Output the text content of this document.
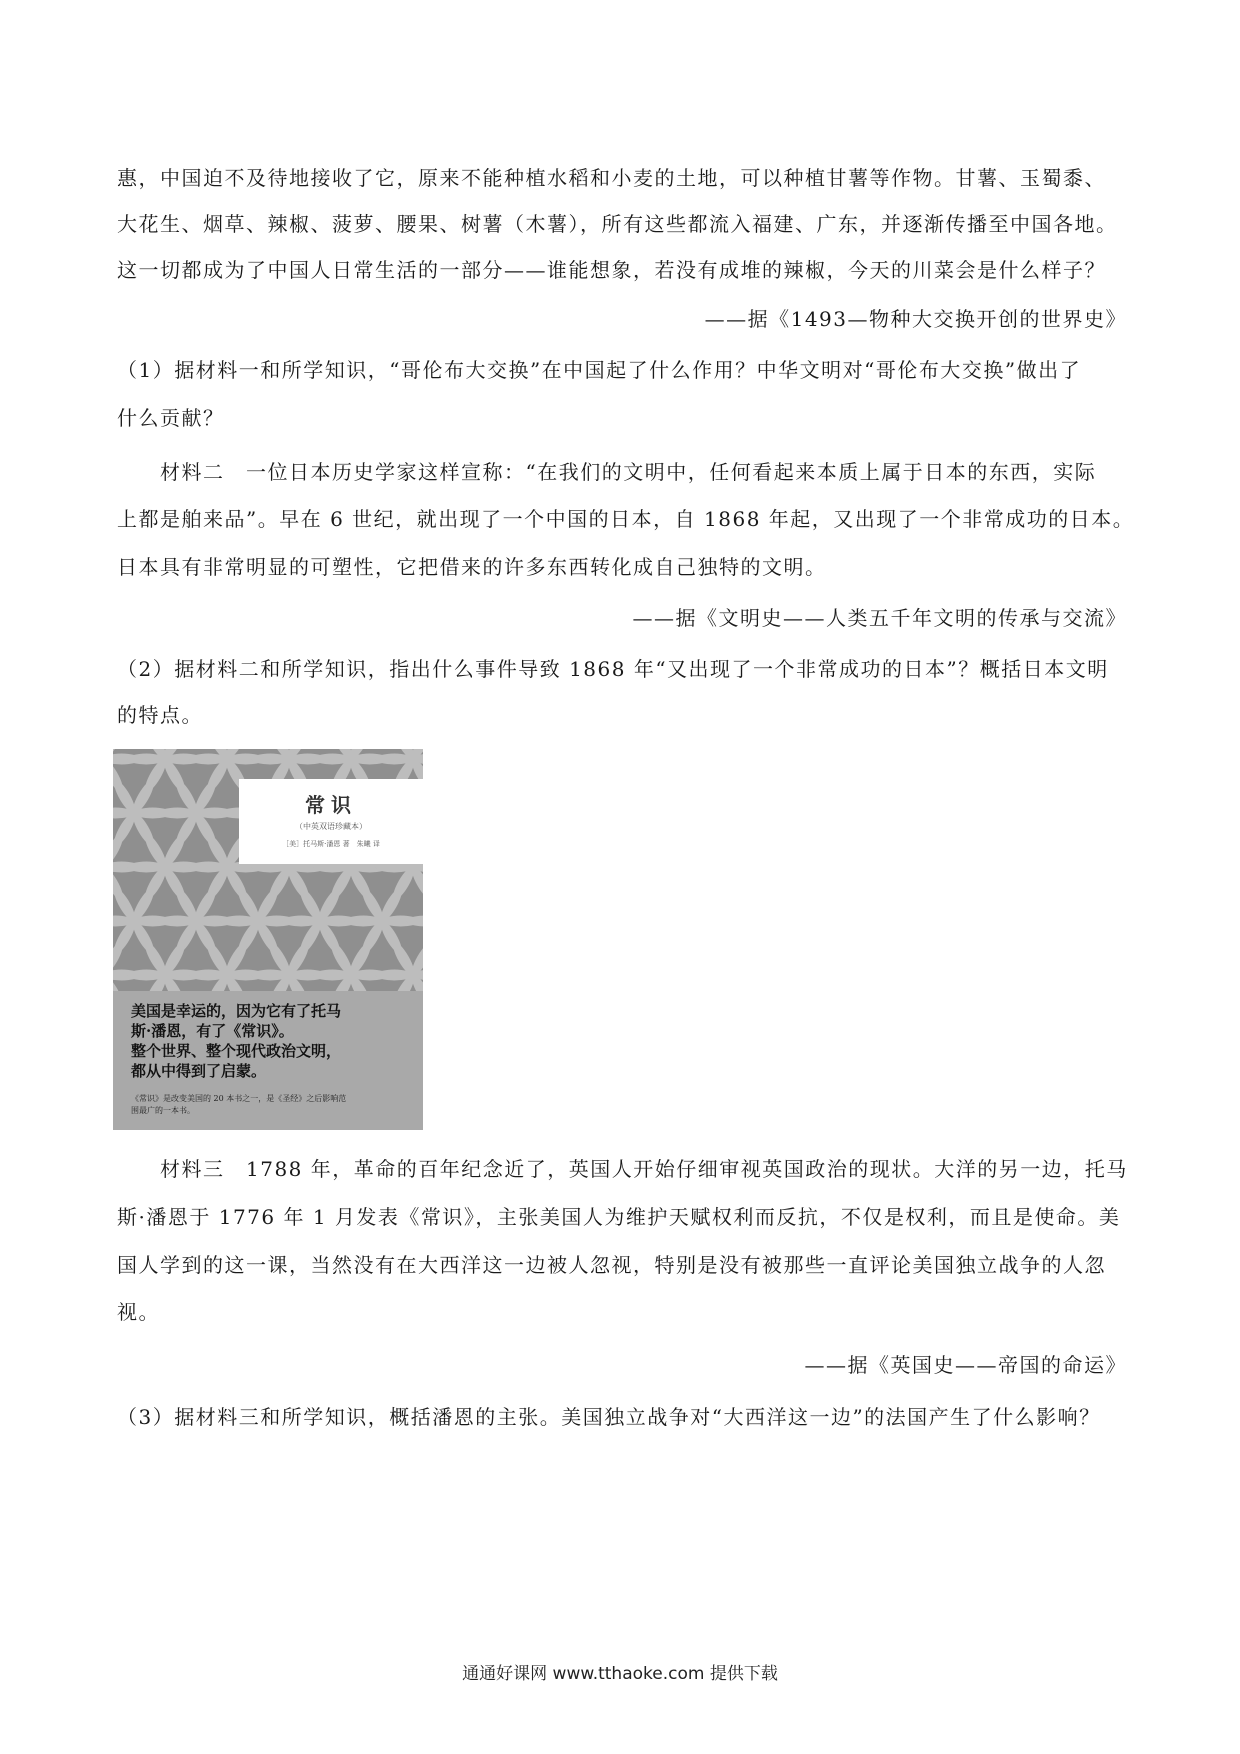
惠，中国迫不及待地接收了它，原来不能种植水稻和小麦的土地，可以种植甘薯等作物。甘薯、玉蜀黍、
大花生、烟草、辣椒、菠萝、腰果、树薯（木薯），所有这些都流入福建、广东，并逐渐传播至中国各地。
这一切都成为了中国人日常生活的一部分——谁能想象，若没有成堆的辣椒，今天的川菜会是什么样子？
——据《1493—物种大交换开创的世界史》
（1）据材料一和所学知识，“哥伦布大交换”在中国起了什么作用？中华文明对“哥伦布大交换”做出了
什么贡献？
材料二　一位日本历史学家这样宣称：“在我们的文明中，任何看起来本质上属于日本的东西，实际
上都是舶来品”。早在 6 世纪，就出现了一个中国的日本，自 1868 年起，又出现了一个非常成功的日本。
日本具有非常明显的可塑性，它把借来的许多东西转化成自己独特的文明。
——据《文明史——人类五千年文明的传承与交流》
（2）据材料二和所学知识，指出什么事件导致 1868 年“又出现了一个非常成功的日本”？概括日本文明
的特点。
常识
（中英双语珍藏本）
［美］托马斯·潘恩 著　朱曦 译
美国是幸运的，因为它有了托马
斯·潘恩，有了《常识》。
整个世界、整个现代政治文明，
都从中得到了启蒙。
《常识》是改变美国的 20 本书之一，是《圣经》之后影响范
围最广的一本书。
材料三　1788 年，革命的百年纪念近了，英国人开始仔细审视英国政治的现状。大洋的另一边，托马
斯·潘恩于 1776 年 1 月发表《常识》，主张美国人为维护天赋权利而反抗，不仅是权利，而且是使命。美
国人学到的这一课，当然没有在大西洋这一边被人忽视，特别是没有被那些一直评论美国独立战争的人忽
视。
——据《英国史——帝国的命运》
（3）据材料三和所学知识，概括潘恩的主张。美国独立战争对“大西洋这一边”的法国产生了什么影响？
通通好课网 www.tthaoke.com 提供下载
